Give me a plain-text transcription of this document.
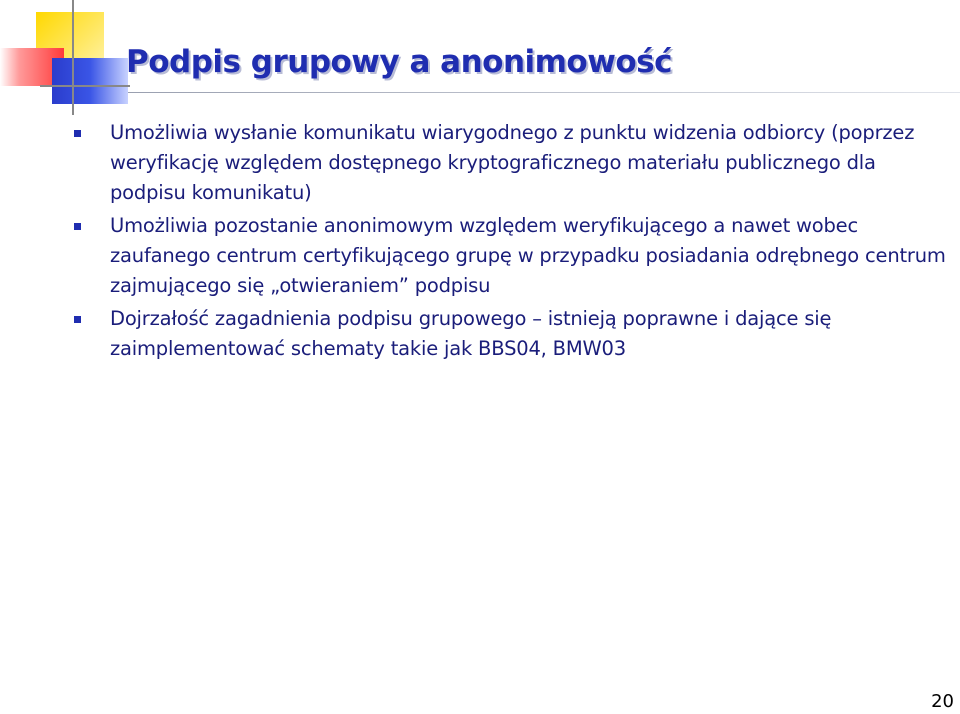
Podpis grupowy a anonimowość
Umożliwia wysłanie komunikatu wiarygodnego z punktu widzenia odbiorcy (poprzez weryfikację względem dostępnego kryptograficznego materiału publicznego dla podpisu komunikatu)
Umożliwia pozostanie anonimowym względem weryfikującego a nawet wobec zaufanego centrum certyfikującego grupę w przypadku posiadania odrębnego centrum zajmującego się „otwieraniem” podpisu
Dojrzałość zagadnienia podpisu grupowego – istnieją poprawne i dające się zaimplementować schematy takie jak BBS04, BMW03
20
